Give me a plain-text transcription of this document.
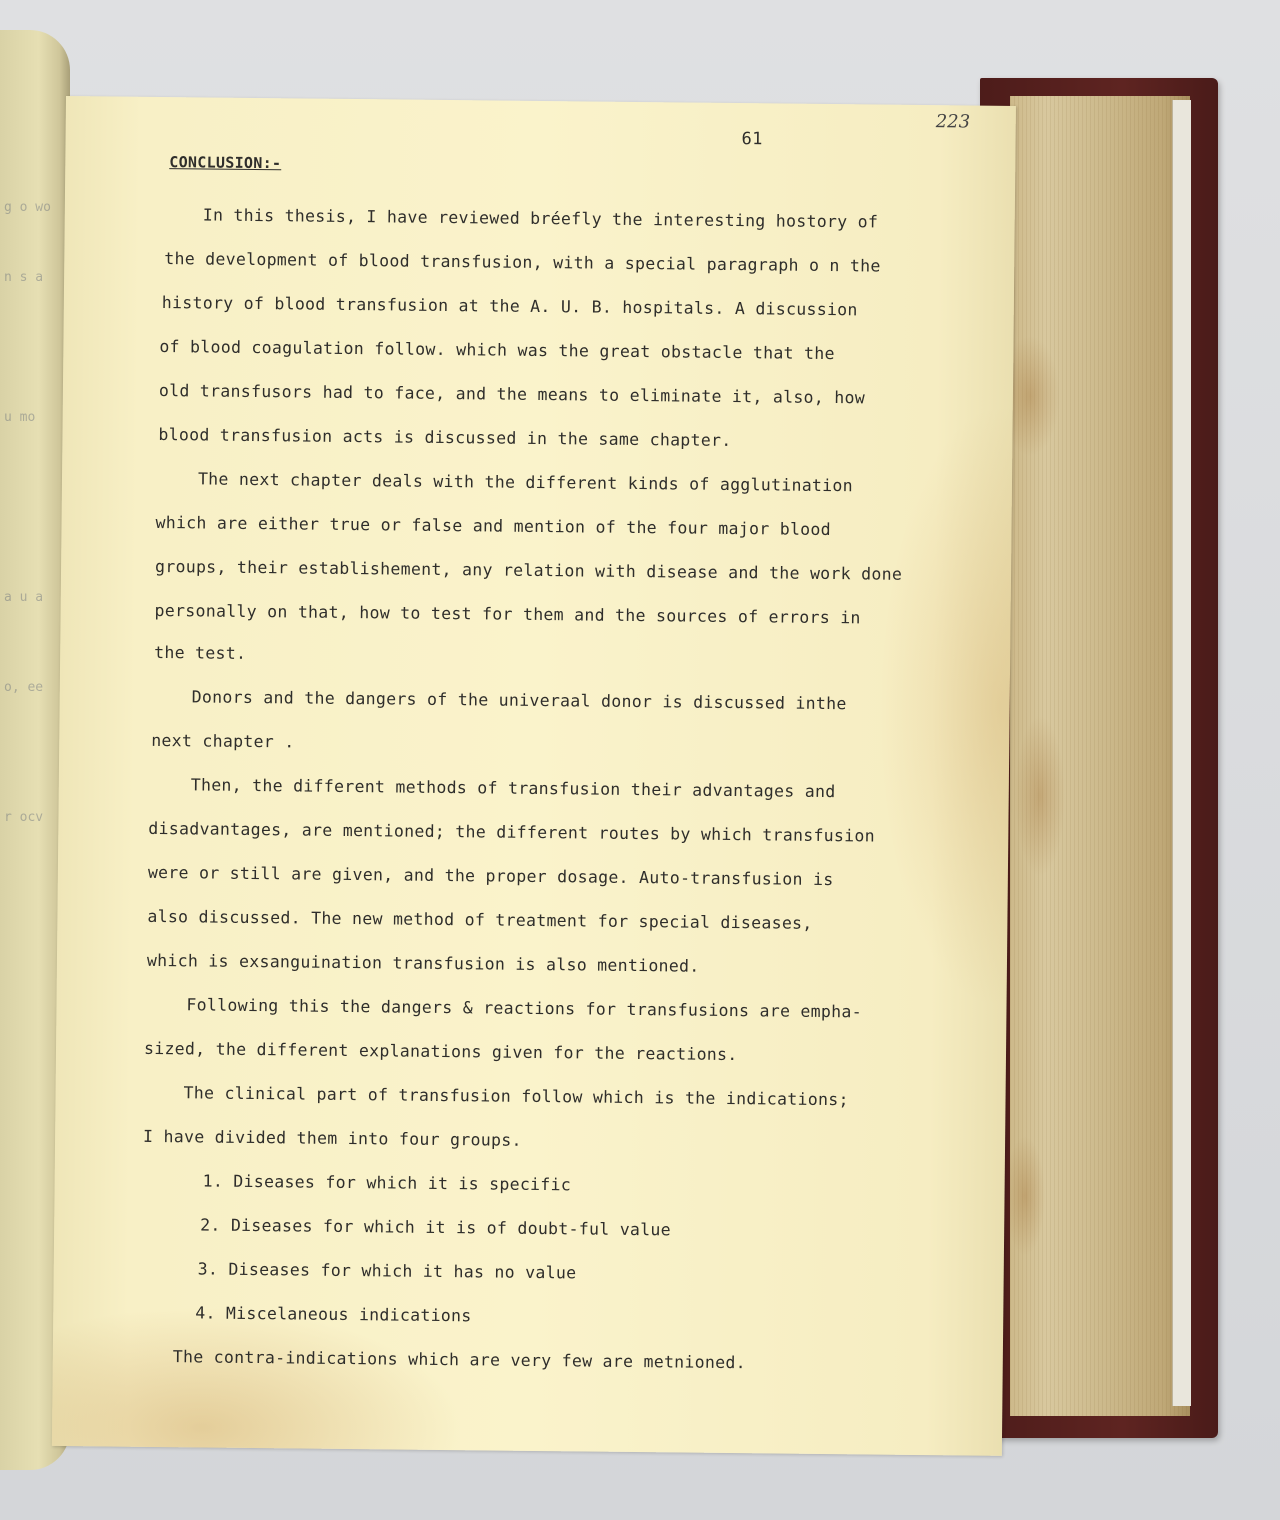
g o wo
n s a
u mo
a u a
o, ee
r ocv
223
61
CONCLUSION:-
In this thesis, I have reviewed bréefly the interesting hostory of
the development of blood transfusion, with a special paragraph o n the
history of blood transfusion at the A. U. B. hospitals. A discussion
of blood coagulation follow. which was the great obstacle that the
old transfusors had to face, and the means to eliminate it, also, how
blood transfusion acts is discussed in the same chapter.
The next chapter deals with the different kinds of agglutination
which are either true or false and mention of the four major blood
groups, their establishement, any relation with disease and the work done
personally on that, how to test for them and the sources of errors in
the test.
Donors and the dangers of the univeraal donor is discussed inthe
next chapter .
Then, the different methods of transfusion their advantages and
disadvantages, are mentioned; the different routes by which transfusion
were or still are given, and the proper dosage. Auto-transfusion is
also discussed. The new method of treatment for special diseases,
which is exsanguination transfusion is also mentioned.
Following this the dangers & reactions for transfusions are empha-
sized, the different explanations given for the reactions.
The clinical part of transfusion follow which is the indications;
I have divided them into four groups.
1. Diseases for which it is specific
2. Diseases for which it is of doubt-ful value
3. Diseases for which it has no value
4. Miscelaneous indications
The contra-indications which are very few are metnioned.
